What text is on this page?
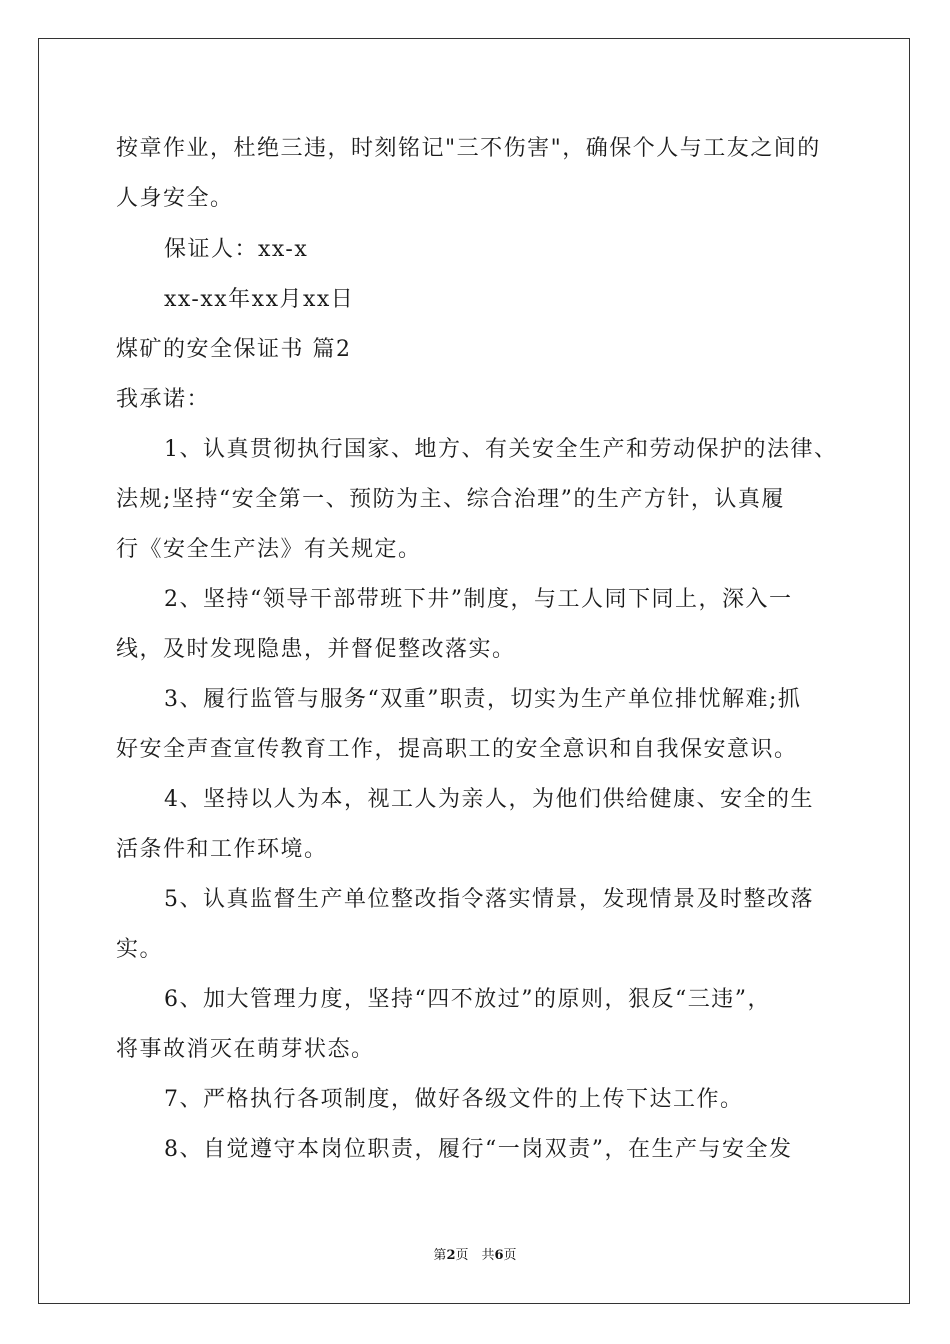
按章作业，杜绝三违，时刻铭记"三不伤害"，确保个人与工友之间的
人身安全。
保证人：xx-x
xx-xx年xx月xx日
煤矿的安全保证书 篇2
我承诺：
1、认真贯彻执行国家、地方、有关安全生产和劳动保护的法律、
法规;坚持“安全第一、预防为主、综合治理”的生产方针，认真履
行《安全生产法》有关规定。
2、坚持“领导干部带班下井”制度，与工人同下同上，深入一
线，及时发现隐患，并督促整改落实。
3、履行监管与服务“双重”职责，切实为生产单位排忧解难;抓
好安全声查宣传教育工作，提高职工的安全意识和自我保安意识。
4、坚持以人为本，视工人为亲人，为他们供给健康、安全的生
活条件和工作环境。
5、认真监督生产单位整改指令落实情景，发现情景及时整改落
实。
6、加大管理力度，坚持“四不放过”的原则，狠反“三违”，
将事故消灭在萌芽状态。
7、严格执行各项制度，做好各级文件的上传下达工作。
8、自觉遵守本岗位职责，履行“一岗双责”，在生产与安全发
第2页　共6页
